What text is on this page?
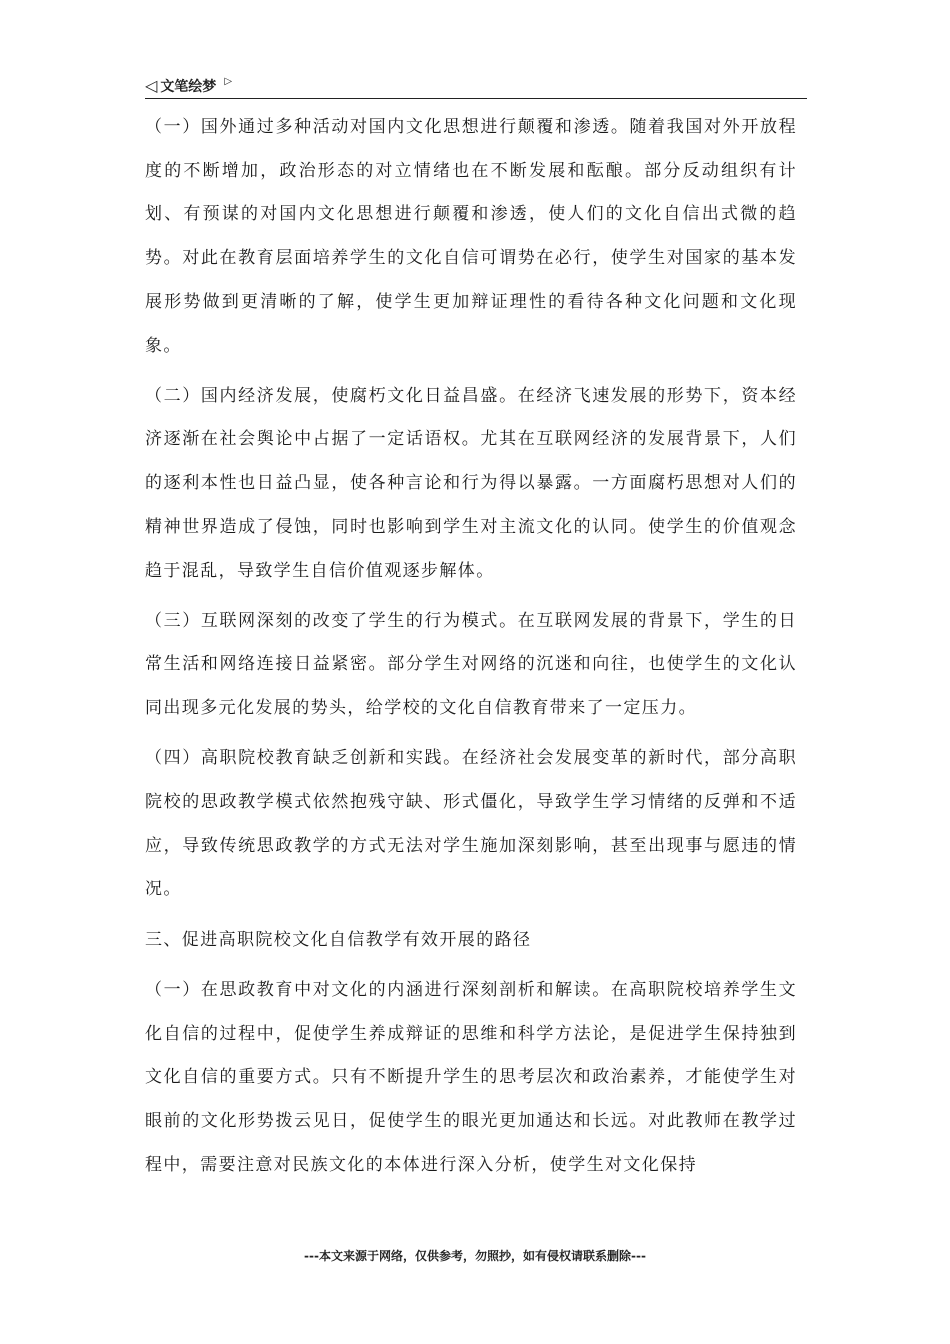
◁ 文笔绘梦 ▷

（一）国外通过多种活动对国内文化思想进行颠覆和渗透。随着我国对外开放程度的不断增加，政治形态的对立情绪也在不断发展和酝酿。部分反动组织有计划、有预谋的对国内文化思想进行颠覆和渗透，使人们的文化自信出式微的趋势。对此在教育层面培养学生的文化自信可谓势在必行，使学生对国家的基本发展形势做到更清晰的了解，使学生更加辩证理性的看待各种文化问题和文化现象。

（二）国内经济发展，使腐朽文化日益昌盛。在经济飞速发展的形势下，资本经济逐渐在社会舆论中占据了一定话语权。尤其在互联网经济的发展背景下，人们的逐利本性也日益凸显，使各种言论和行为得以暴露。一方面腐朽思想对人们的精神世界造成了侵蚀，同时也影响到学生对主流文化的认同。使学生的价值观念趋于混乱，导致学生自信价值观逐步解体。

（三）互联网深刻的改变了学生的行为模式。在互联网发展的背景下，学生的日常生活和网络连接日益紧密。部分学生对网络的沉迷和向往，也使学生的文化认同出现多元化发展的势头，给学校的文化自信教育带来了一定压力。

（四）高职院校教育缺乏创新和实践。在经济社会发展变革的新时代，部分高职院校的思政教学模式依然抱残守缺、形式僵化，导致学生学习情绪的反弹和不适应，导致传统思政教学的方式无法对学生施加深刻影响，甚至出现事与愿违的情况。

三、促进高职院校文化自信教学有效开展的路径

（一）在思政教育中对文化的内涵进行深刻剖析和解读。在高职院校培养学生文化自信的过程中，促使学生养成辩证的思维和科学方法论，是促进学生保持独到文化自信的重要方式。只有不断提升学生的思考层次和政治素养，才能使学生对眼前的文化形势拨云见日，促使学生的眼光更加通达和长远。对此教师在教学过程中，需要注意对民族文化的本体进行深入分析，使学生对文化保持

---本文来源于网络，仅供参考，勿照抄，如有侵权请联系删除---
